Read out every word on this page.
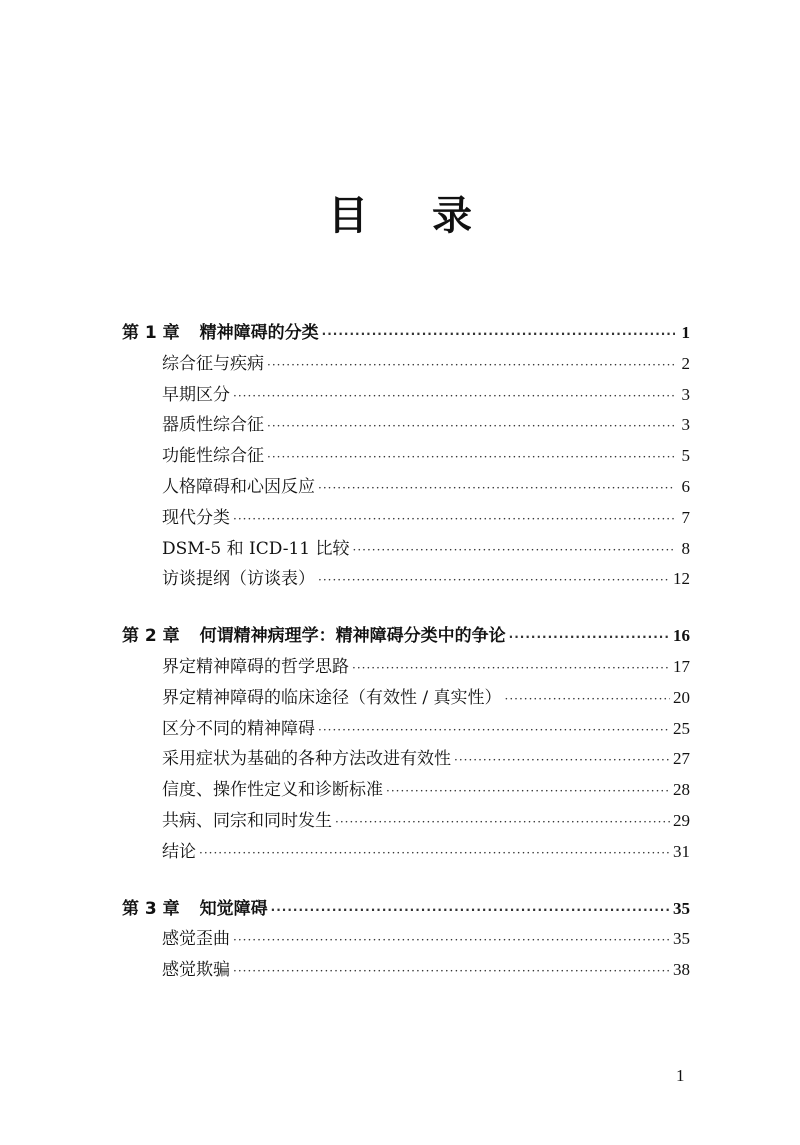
目录
第 1 章 精神障碍的分类 ·····	1
综合征与疾病 ·····	2
早期区分 ·····	3
器质性综合征 ·····	3
功能性综合征 ·····	5
人格障碍和心因反应 ·····	6
现代分类 ·····	7
DSM-5 和 ICD-11 比较 ·····	8
访谈提纲（访谈表） ·····	12
第 2 章 何谓精神病理学：精神障碍分类中的争论 ·····	16
界定精神障碍的哲学思路 ·····	17
界定精神障碍的临床途径（有效性 / 真实性） ·····	20
区分不同的精神障碍 ·····	25
采用症状为基础的各种方法改进有效性 ·····	27
信度、操作性定义和诊断标准 ·····	28
共病、同宗和同时发生 ·····	29
结论 ·····	31
第 3 章 知觉障碍 ·····	35
感觉歪曲 ·····	35
感觉欺骗 ·····	38
1
